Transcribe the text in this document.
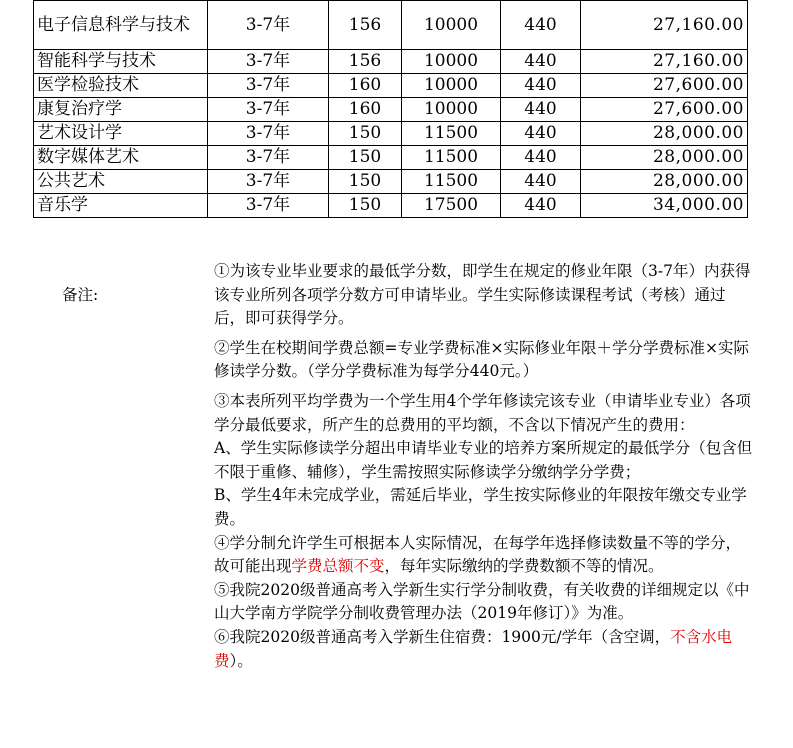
电子信息科学与技术	3-7年	156	10000	440	27,160.00
智能科学与技术	3-7年	156	10000	440	27,160.00
医学检验技术	3-7年	160	10000	440	27,600.00
康复治疗学	3-7年	160	10000	440	27,600.00
艺术设计学	3-7年	150	11500	440	28,000.00
数字媒体艺术	3-7年	150	11500	440	28,000.00
公共艺术	3-7年	150	11500	440	28,000.00
音乐学	3-7年	150	17500	440	34,000.00
备注:

①为该专业毕业要求的最低学分数，即学生在规定的修业年限（3-7年）内获得该专业所列各项学分数方可申请毕业。学生实际修读课程考试（考核）通过后，即可获得学分。

②学生在校期间学费总额=专业学费标准×实际修业年限＋学分学费标准×实际修读学分数。（学分学费标准为每学分440元。）

③本表所列平均学费为一个学生用4个学年修读完该专业（申请毕业专业）各项学分最低要求，所产生的总费用的平均额，不含以下情况产生的费用：

A、学生实际修读学分超出申请毕业专业的培养方案所规定的最低学分（包含但不限于重修、辅修），学生需按照实际修读学分缴纳学分学费；

B、学生4年未完成学业，需延后毕业，学生按实际修业的年限按年缴交专业学费。

④学分制允许学生可根据本人实际情况，在每学年选择修读数量不等的学分，故可能出现学费总额不变，每年实际缴纳的学费数额不等的情况。

⑤我院2020级普通高考入学新生实行学分制收费，有关收费的详细规定以《中山大学南方学院学分制收费管理办法（2019年修订）》为准。

⑥我院2020级普通高考入学新生住宿费：1900元/学年（含空调，不含水电费）。
